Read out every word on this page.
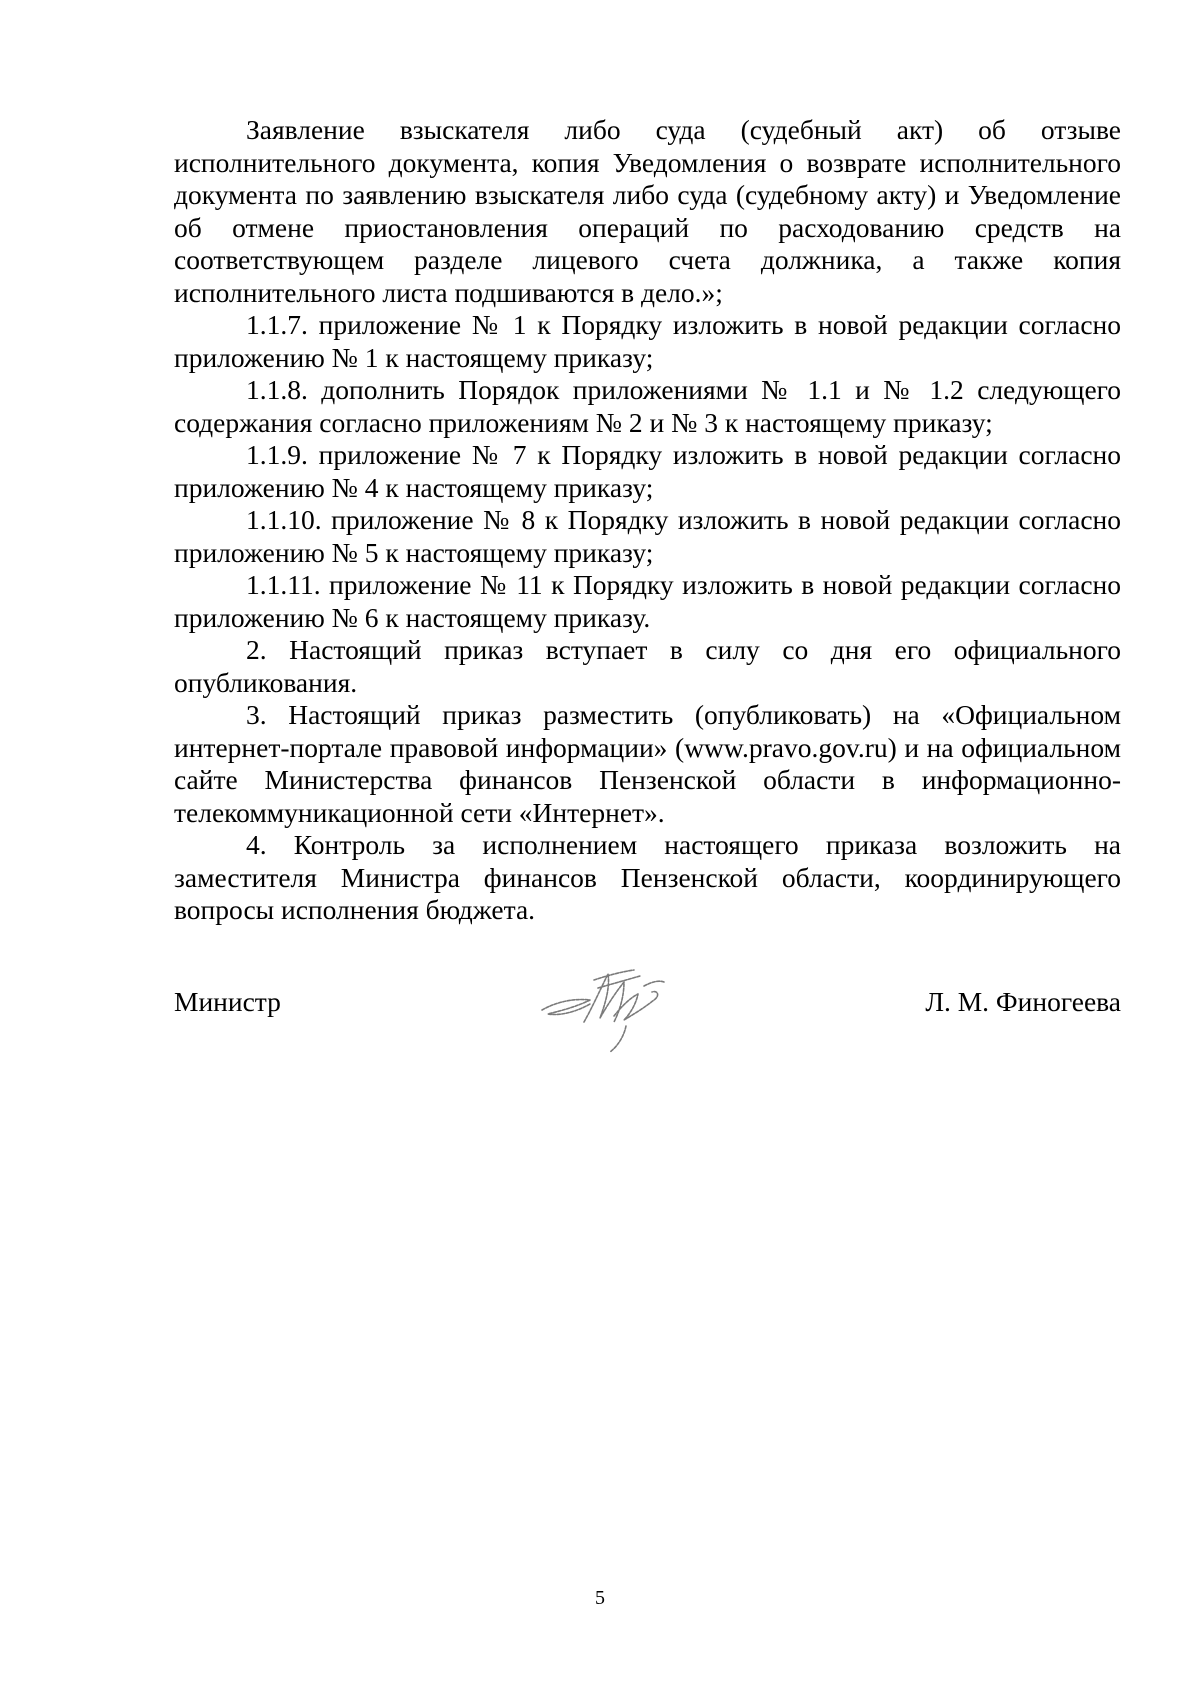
Заявление взыскателя либо суда (судебный акт) об отзыве исполнительного документа, копия Уведомления о возврате исполнительного документа по заявлению взыскателя либо суда (судебному акту) и Уведомление об отмене приостановления операций по расходованию средств на соответствующем разделе лицевого счета должника, а также копия исполнительного листа подшиваются в дело.»;

1.1.7. приложение № 1 к Порядку изложить в новой редакции согласно приложению № 1 к настоящему приказу;

1.1.8. дополнить Порядок приложениями № 1.1 и № 1.2 следующего содержания согласно приложениям № 2 и № 3 к настоящему приказу;

1.1.9. приложение № 7 к Порядку изложить в новой редакции согласно приложению № 4 к настоящему приказу;

1.1.10. приложение № 8 к Порядку изложить в новой редакции согласно приложению № 5 к настоящему приказу;

1.1.11. приложение № 11 к Порядку изложить в новой редакции согласно приложению № 6 к настоящему приказу.

2. Настоящий приказ вступает в силу со дня его официального опубликования.

3. Настоящий приказ разместить (опубликовать) на «Официальном интернет-портале правовой информации» (www.pravo.gov.ru) и на официальном сайте Министерства финансов Пензенской области в информационно-телекоммуникационной сети «Интернет».

4. Контроль за исполнением настоящего приказа возложить на заместителя Министра финансов Пензенской области, координирующего вопросы исполнения бюджета.

Министр	Л. М. Финогеева

5
